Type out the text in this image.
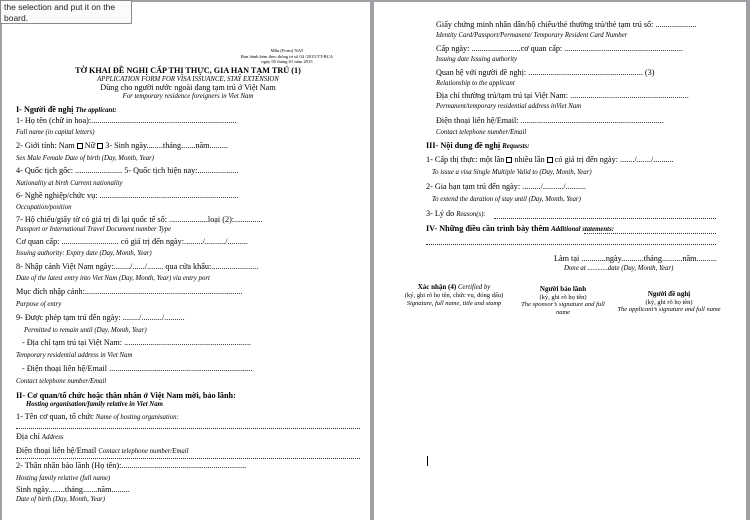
the selection and put it on the board.
Mẫu (Form) NA5
Ban hành kèm theo thông tư số 04 /2015/TT-BCA
ngày 05 tháng 01 năm 2015
TỜ KHAI ĐỀ NGHỊ CẤP THỊ THỰC, GIA HẠN TẠM TRÚ (1)
APPLICATION FORM FOR VISA ISSUANCE, STAY EXTENSION
Dùng cho người nước ngoài đang tạm trú ở Việt Nam
For temporary residence foreigners in Viet Nam
I- Người đề nghị The applicant:
1- Họ tên (chữ in hoa):.......................................................................
Full name (in capital letters)
2- Giới tính: Nam Nữ 3- Sinh ngày........tháng.......năm.........
Sex Male Female Date of birth (Day, Month, Year)
4- Quốc tịch gốc: ....................... 5- Quốc tịch hiện nay:....................
Nationality at birth Current nationality
6- Nghề nghiệp/chức vụ: ....................................................................
Occupation/position
7- Hộ chiếu/giấy tờ có giá trị đi lại quốc tế số: ...................loại (2):..............
Passport or International Travel Document number Type
Cơ quan cấp: ............................ có giá trị đến ngày:........./........../..........
Issuing authority: Expiry date (Day, Month, Year)
8- Nhập cảnh Việt Nam ngày:......../....../........ qua cửa khẩu:.......................
Date of the latest entry into Viet Nam (Day, Month, Year) via entry port
Mục đích nhập cảnh:.............................................................................
Purpose of entry
9- Được phép tạm trú đến ngày: ......../........../..........
Permitted to remain until (Day, Month, Year)
- Địa chỉ tạm trú tại Việt Nam: ..............................................................
Temporary residential address in Viet Nam
- Điện thoại liên hệ/Email ......................................................................
Contact telephone number/Email
II- Cơ quan/tổ chức hoặc thân nhân ở Việt Nam mời, bảo lãnh:
Hosting organisation/family relative in Viet Nam
1- Tên cơ quan, tổ chức Name of hosting organisation:
Địa chỉ Address
Điện thoại liên hệ/Email Contact telephone number/Email
2- Thân nhân bảo lãnh (Họ tên):.............................................................
Hosting family relative (full name)
Sinh ngày........tháng.......năm.........
Date of birth (Day, Month, Year)
Giấy chứng minh nhân dân/hộ chiếu/thẻ thường trú/thẻ tạm trú số: ....................
Identity Card/Passport/Permanent/ Temporary Resident Card Number
Cấp ngày: ........................cơ quan cấp: ..........................................................
Issuing date Issuing authority
Quan hệ với người đề nghị: ........................................................ (3)
Relationship to the applicant
Địa chỉ thường trú/tạm trú tại Việt Nam: ..........................................................
Permanent/temporary residential address inViet Nam
Điện thoại liên hệ/Email: ......................................................................
Contact telephone number/Email
III- Nội dung đề nghị Requests:
1- Cấp thị thực: một lần nhiều lần có giá trị đến ngày: ......./......./..........
To issue a visa Single Multiple Valid to (Day, Month, Year)
2- Gia hạn tạm trú đến ngày: ........./........../..........
To extend the duration of stay until (Day, Month, Year)
3- Lý do Reason(s):
IV- Những điều cần trình bày thêm Additional statements:
Làm tại ............ngày...........tháng..........năm..........
Done at ............date (Day, Month, Year)
Xác nhận (4) Certified by
(ký, ghi rõ họ tên, chức vụ, đóng dấu)
Signature, full name, title and stamp
Người bảo lãnh
(ký, ghi rõ họ tên)
The sponsor’s signature and full name
Người đề nghị
(ký, ghi rõ họ tên)
The applicant’s signature and full name
